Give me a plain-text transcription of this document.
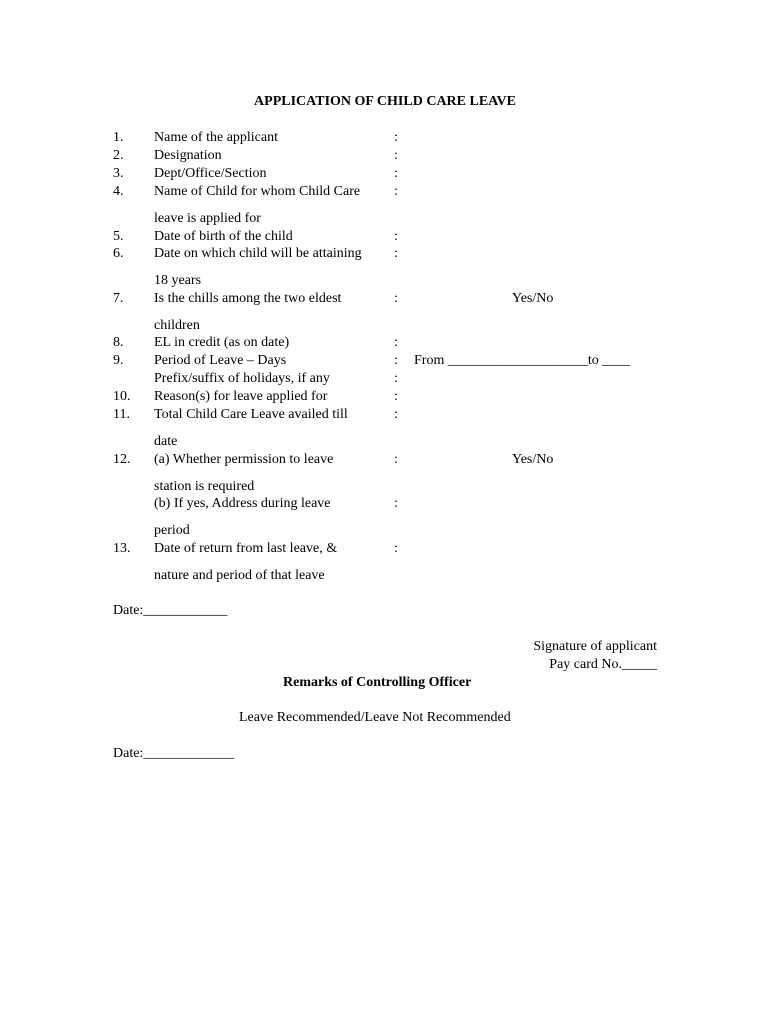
APPLICATION OF CHILD CARE LEAVE
1. Name of the applicant	:
2. Designation	:
3. Dept/Office/Section	:
4. Name of Child for whom Child Care :
leave is applied for
5. Date of birth of the child	:
6. Date on which child will be attaining :
18 years
7. Is the chills among the two eldest	:	Yes/No
children
8. EL in credit (as on date)	:
9. Period of Leave – Days	: From ____________________to ____
Prefix/suffix of holidays, if any	:
10. Reason(s) for leave applied for	:
11. Total Child Care Leave availed till	:
date
12. (a) Whether permission to leave	:	Yes/No
station is required
(b) If yes, Address during leave	:
period
13. Date of return from last leave, &	:
nature and period of that leave
Date:____________
Signature of applicant
Pay card No._____
Remarks of Controlling Officer
Leave Recommended/Leave Not Recommended
Date:_____________
